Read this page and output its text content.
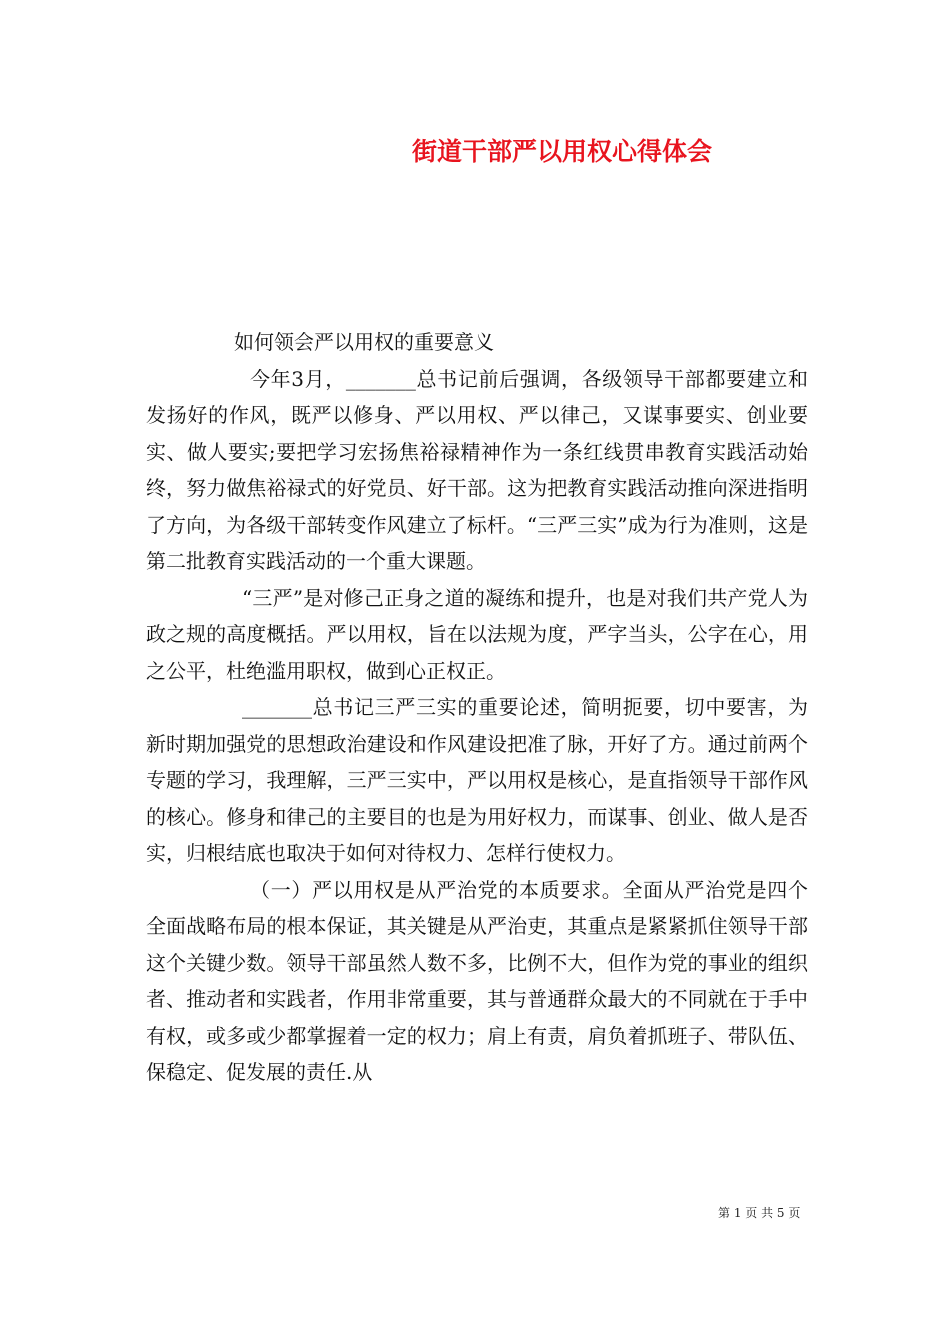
街道干部严以用权心得体会

如何领会严以用权的重要意义

今年3月，_______总书记前后强调，各级领导干部都要建立和发扬好的作风，既严以修身、严以用权、严以律己，又谋事要实、创业要实、做人要实;要把学习宏扬焦裕禄精神作为一条红线贯串教育实践活动始终，努力做焦裕禄式的好党员、好干部。这为把教育实践活动推向深进指明了方向，为各级干部转变作风建立了标杆。“三严三实”成为行为准则，这是第二批教育实践活动的一个重大课题。

“三严”是对修己正身之道的凝练和提升，也是对我们共产党人为政之规的高度概括。严以用权，旨在以法规为度，严字当头，公字在心，用之公平，杜绝滥用职权，做到心正权正。

_______总书记三严三实的重要论述，简明扼要，切中要害，为新时期加强党的思想政治建设和作风建设把准了脉，开好了方。通过前两个专题的学习，我理解，三严三实中，严以用权是核心，是直指领导干部作风的核心。修身和律己的主要目的也是为用好权力，而谋事、创业、做人是否实，归根结底也取决于如何对待权力、怎样行使权力。

（一）严以用权是从严治党的本质要求。全面从严治党是四个全面战略布局的根本保证，其关键是从严治吏，其重点是紧紧抓住领导干部这个关键少数。领导干部虽然人数不多，比例不大，但作为党的事业的组织者、推动者和实践者，作用非常重要，其与普通群众最大的不同就在于手中有权，或多或少都掌握着一定的权力；肩上有责，肩负着抓班子、带队伍、保稳定、促发展的责任.从

第 1 页 共 5 页
